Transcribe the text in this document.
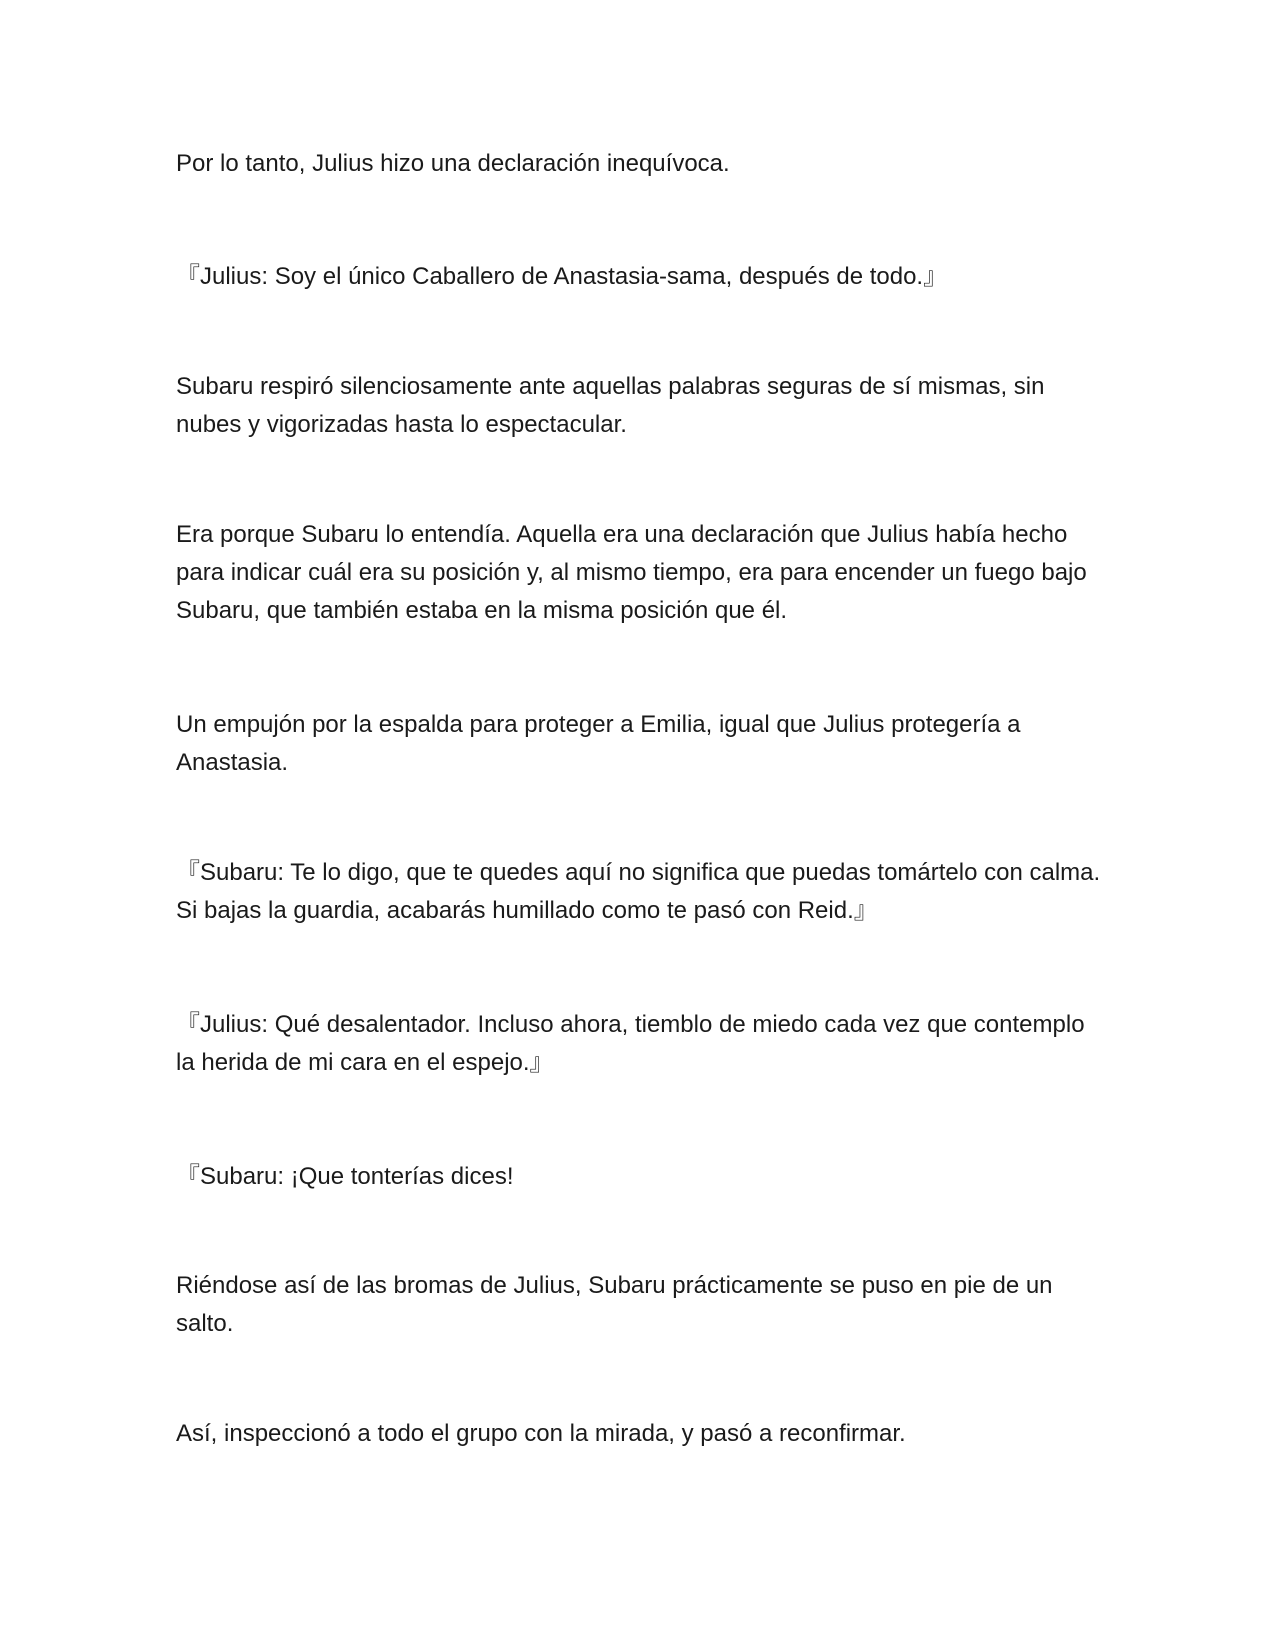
Por lo tanto, Julius hizo una declaración inequívoca.

『Julius: Soy el único Caballero de Anastasia-sama, después de todo.』

Subaru respiró silenciosamente ante aquellas palabras seguras de sí mismas, sin nubes y vigorizadas hasta lo espectacular.

Era porque Subaru lo entendía. Aquella era una declaración que Julius había hecho para indicar cuál era su posición y, al mismo tiempo, era para encender un fuego bajo Subaru, que también estaba en la misma posición que él.

Un empujón por la espalda para proteger a Emilia, igual que Julius protegería a Anastasia.

『Subaru: Te lo digo, que te quedes aquí no significa que puedas tomártelo con calma. Si bajas la guardia, acabarás humillado como te pasó con Reid.』

『Julius: Qué desalentador. Incluso ahora, tiemblo de miedo cada vez que contemplo la herida de mi cara en el espejo.』

『Subaru: ¡Que tonterías dices!

Riéndose así de las bromas de Julius, Subaru prácticamente se puso en pie de un salto.

Así, inspeccionó a todo el grupo con la mirada, y pasó a reconfirmar.
